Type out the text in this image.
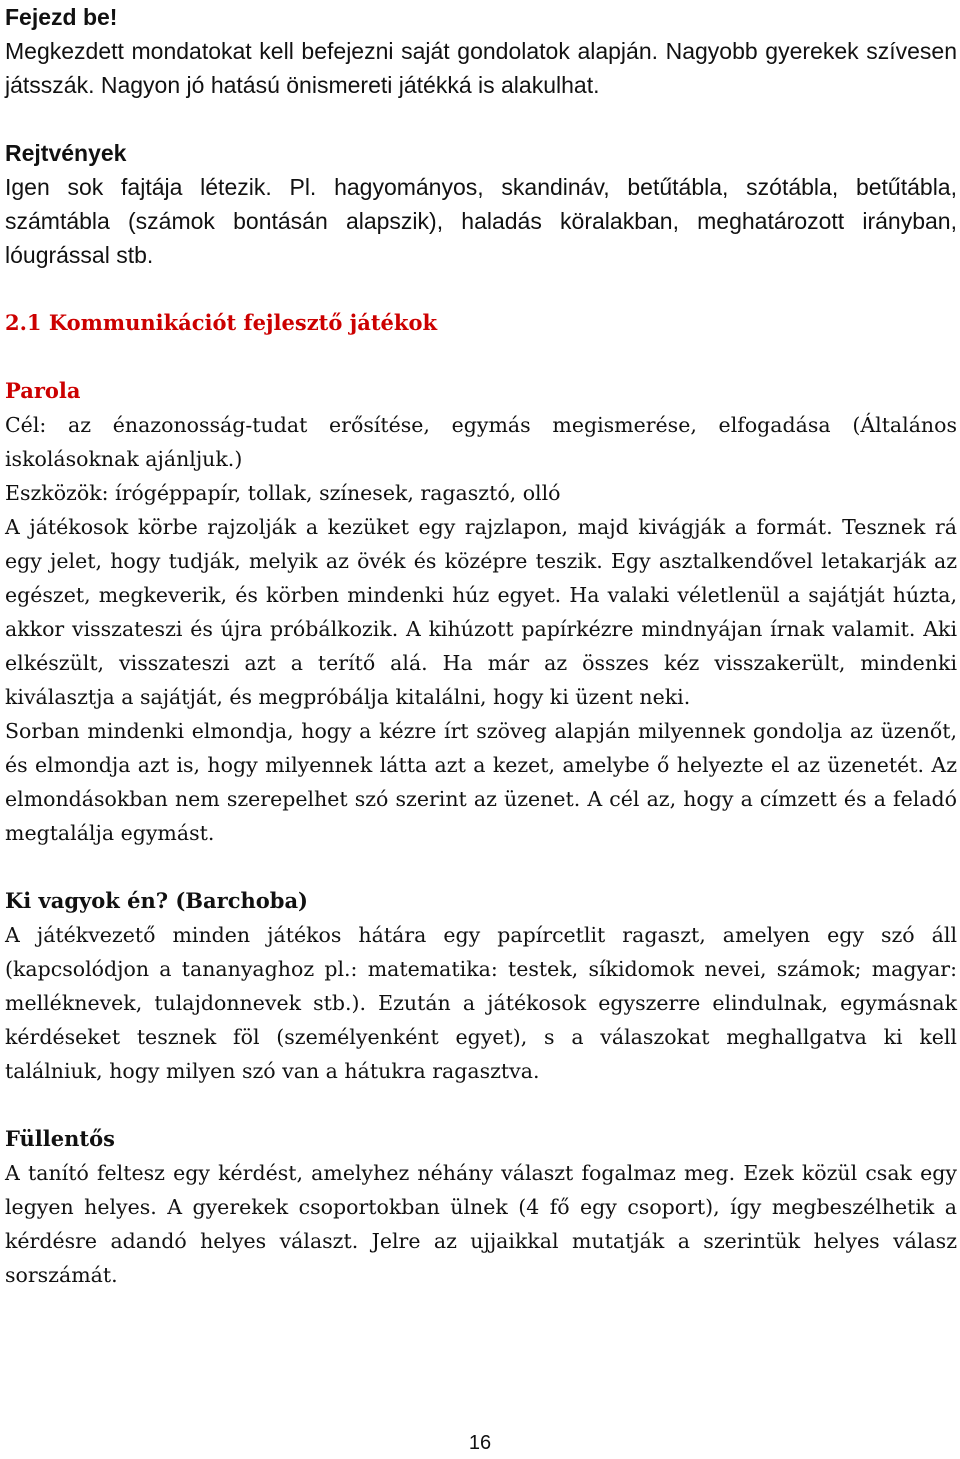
Fejezd be!

Megkezdett mondatokat kell befejezni saját gondolatok alapján. Nagyobb gyerekek szívesen játsszák. Nagyon jó hatású önismereti játékká is alakulhat.

Rejtvények

Igen sok fajtája létezik. Pl. hagyományos, skandináv, betűtábla, szótábla, betűtábla, számtábla (számok bontásán alapszik), haladás köralakban, meghatározott irányban, lóugrással stb.

2.1 Kommunikációt fejlesztő játékok
Parola

Cél: az énazonosság-tudat erősítése, egymás megismerése, elfogadása (Általános iskolásoknak ajánljuk.)

Eszközök: írógéppapír, tollak, színesek, ragasztó, olló

A játékosok körbe rajzolják a kezüket egy rajzlapon, majd kivágják a formát. Tesznek rá egy jelet, hogy tudják, melyik az övék és középre teszik. Egy asztalkendővel letakarják az egészet, megkeverik, és körben mindenki húz egyet. Ha valaki véletlenül a sajátját húzta, akkor visszateszi és újra próbálkozik. A kihúzott papírkézre mindnyájan írnak valamit. Aki elkészült, visszateszi azt a terítő alá. Ha már az összes kéz visszakerült, mindenki kiválasztja a sajátját, és megpróbálja kitalálni, hogy ki üzent neki.

Sorban mindenki elmondja, hogy a kézre írt szöveg alapján milyennek gondolja az üzenőt, és elmondja azt is, hogy milyennek látta azt a kezet, amelybe ő helyezte el az üzenetét. Az elmondásokban nem szerepelhet szó szerint az üzenet. A cél az, hogy a címzett és a feladó megtalálja egymást.

Ki vagyok én? (Barchoba)

A játékvezető minden játékos hátára egy papírcetlit ragaszt, amelyen egy szó áll (kapcsolódjon a tananyaghoz pl.: matematika: testek, síkidomok nevei, számok; magyar: melléknevek, tulajdonnevek stb.). Ezután a játékosok egyszerre elindulnak, egymásnak kérdéseket tesznek föl (személyenként egyet), s a válaszokat meghallgatva ki kell találniuk, hogy milyen szó van a hátukra ragasztva.

Füllentős

A tanító feltesz egy kérdést, amelyhez néhány választ fogalmaz meg. Ezek közül csak egy legyen helyes. A gyerekek csoportokban ülnek (4 fő egy csoport), így megbeszélhetik a kérdésre adandó helyes választ. Jelre az ujjaikkal mutatják a szerintük helyes válasz sorszámát.

16
